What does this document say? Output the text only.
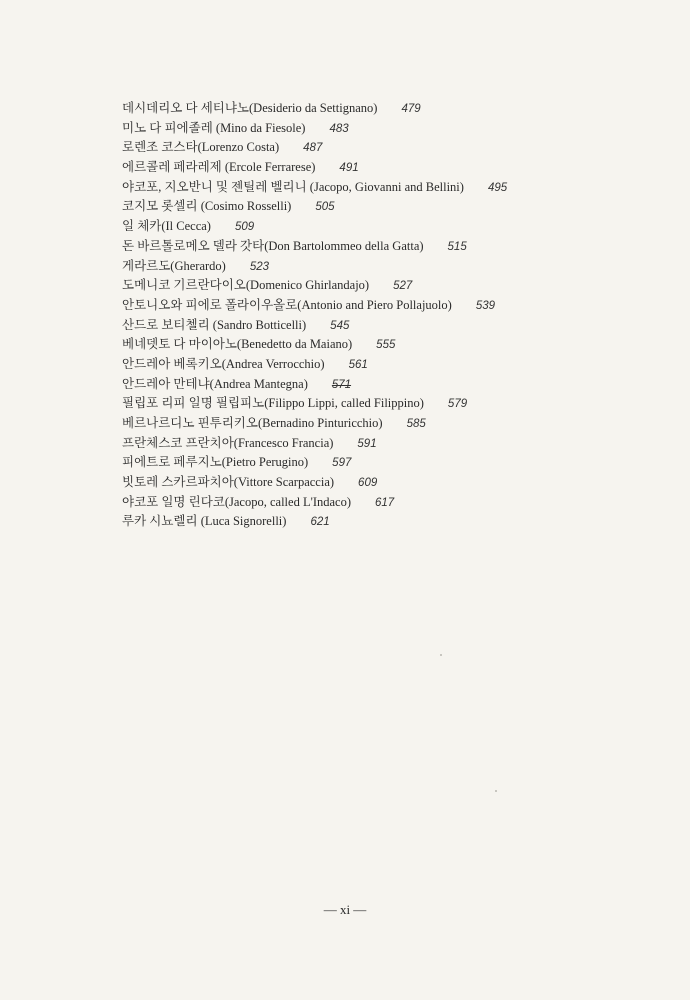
데시데리오 다 세티냐노(Desiderio da Settignano) 479
미노 다 피에졸레 (Mino da Fiesole) 483
로렌조 코스타(Lorenzo Costa) 487
에르콜레 페라레제 (Ercole Ferrarese) 491
야코포, 지오반니 및 젠틸레 벨리니 (Jacopo, Giovanni and Bellini) 495
코지모 롯셀리 (Cosimo Rosselli) 505
일 체카(Il Cecca) 509
돈 바르톨로메오 델라 갓타(Don Bartolommeo della Gatta) 515
게라르도(Gherardo) 523
도메니코 기르란다이오(Domenico Ghirlandajo) 527
안토니오와 피에로 폴라이우올로(Antonio and Piero Pollajuolo) 539
산드로 보티첼리 (Sandro Botticelli) 545
베네뎃토 다 마이아노(Benedetto da Maiano) 555
안드레아 베록키오(Andrea Verrocchio) 561
안드레아 만테냐(Andrea Mantegna) 571
필립포 리피 일명 필립피노(Filippo Lippi, called Filippino) 579
베르나르디노 핀투리키오(Bernadino Pinturicchio) 585
프란체스코 프란치아(Francesco Francia) 591
피에트로 페루지노(Pietro Perugino) 597
빗토레 스카르파치아(Vittore Scarpaccia) 609
야코포 일명 린다코(Jacopo, called L'Indaco) 617
루카 시뇨렐리 (Luca Signorelli) 621
— xi —
